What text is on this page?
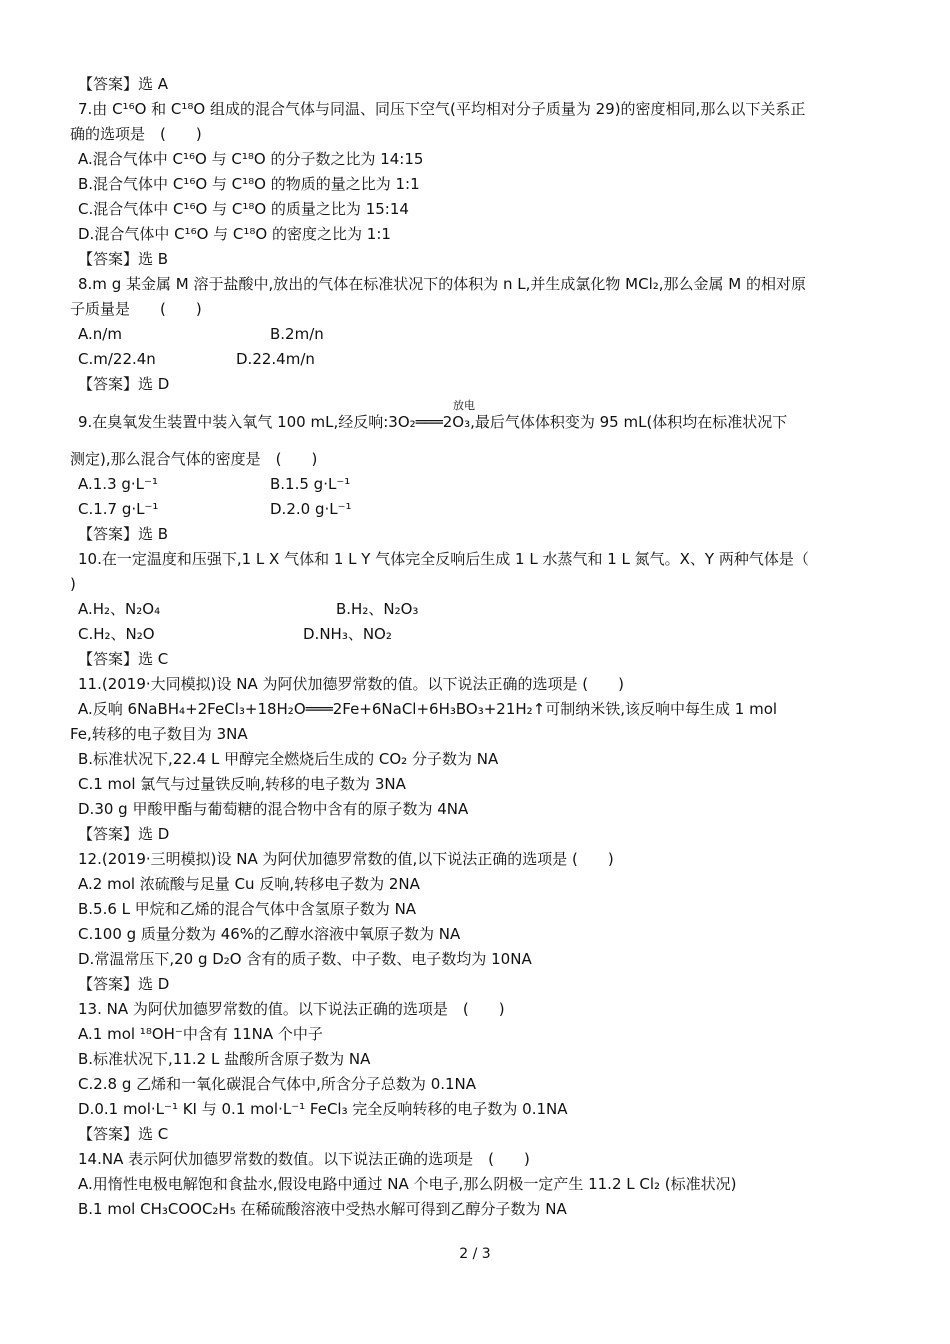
【答案】选 A
7.由 C¹⁶O 和 C¹⁸O 组成的混合气体与同温、同压下空气(平均相对分子质量为 29)的密度相同,那么以下关系正
确的选项是　(　　)
A.混合气体中 C¹⁶O 与 C¹⁸O 的分子数之比为 14:15
B.混合气体中 C¹⁶O 与 C¹⁸O 的物质的量之比为 1:1
C.混合气体中 C¹⁶O 与 C¹⁸O 的质量之比为 15:14
D.混合气体中 C¹⁶O 与 C¹⁸O 的密度之比为 1:1
【答案】选 B
8.m g 某金属 M 溶于盐酸中,放出的气体在标准状况下的体积为 n L,并生成氯化物 MCl₂,那么金属 M 的相对原
子质量是　　(　　)
A.n/m	B.2m/n
C.m/22.4n	D.22.4m/n
【答案】选 D
放电
9.在臭氧发生装置中装入氧气 100 mL,经反响:3O₂═══2O₃,最后气体体积变为 95 mL(体积均在标准状况下
测定),那么混合气体的密度是　(　　)
A.1.3 g·L⁻¹	B.1.5 g·L⁻¹
C.1.7 g·L⁻¹	D.2.0 g·L⁻¹
【答案】选 B
10.在一定温度和压强下,1 L X 气体和 1 L Y 气体完全反响后生成 1 L 水蒸气和 1 L 氮气。X、Y 两种气体是（
)
A.H₂、N₂O₄	B.H₂、N₂O₃
C.H₂、N₂O	D.NH₃、NO₂
【答案】选 C
11.(2019·大同模拟)设 NA 为阿伏加德罗常数的值。以下说法正确的选项是 (　　)
A.反响 6NaBH₄+2FeCl₃+18H₂O═══2Fe+6NaCl+6H₃BO₃+21H₂↑可制纳米铁,该反响中每生成 1 mol
Fe,转移的电子数目为 3NA
B.标准状况下,22.4 L 甲醇完全燃烧后生成的 CO₂ 分子数为 NA
C.1 mol 氯气与过量铁反响,转移的电子数为 3NA
D.30 g 甲酸甲酯与葡萄糖的混合物中含有的原子数为 4NA
【答案】选 D
12.(2019·三明模拟)设 NA 为阿伏加德罗常数的值,以下说法正确的选项是 (　　)
A.2 mol 浓硫酸与足量 Cu 反响,转移电子数为 2NA
B.5.6 L 甲烷和乙烯的混合气体中含氢原子数为 NA
C.100 g 质量分数为 46%的乙醇水溶液中氧原子数为 NA
D.常温常压下,20 g D₂O 含有的质子数、中子数、电子数均为 10NA
【答案】选 D
13. NA 为阿伏加德罗常数的值。以下说法正确的选项是　(　　)
A.1 mol ¹⁸OH⁻中含有 11NA 个中子
B.标准状况下,11.2 L 盐酸所含原子数为 NA
C.2.8 g 乙烯和一氧化碳混合气体中,所含分子总数为 0.1NA
D.0.1 mol·L⁻¹ KI 与 0.1 mol·L⁻¹ FeCl₃ 完全反响转移的电子数为 0.1NA
【答案】选 C
14.NA 表示阿伏加德罗常数的数值。以下说法正确的选项是　(　　)
A.用惰性电极电解饱和食盐水,假设电路中通过 NA 个电子,那么阴极一定产生 11.2 L Cl₂ (标准状况)
B.1 mol CH₃COOC₂H₅ 在稀硫酸溶液中受热水解可得到乙醇分子数为 NA
2 / 3
